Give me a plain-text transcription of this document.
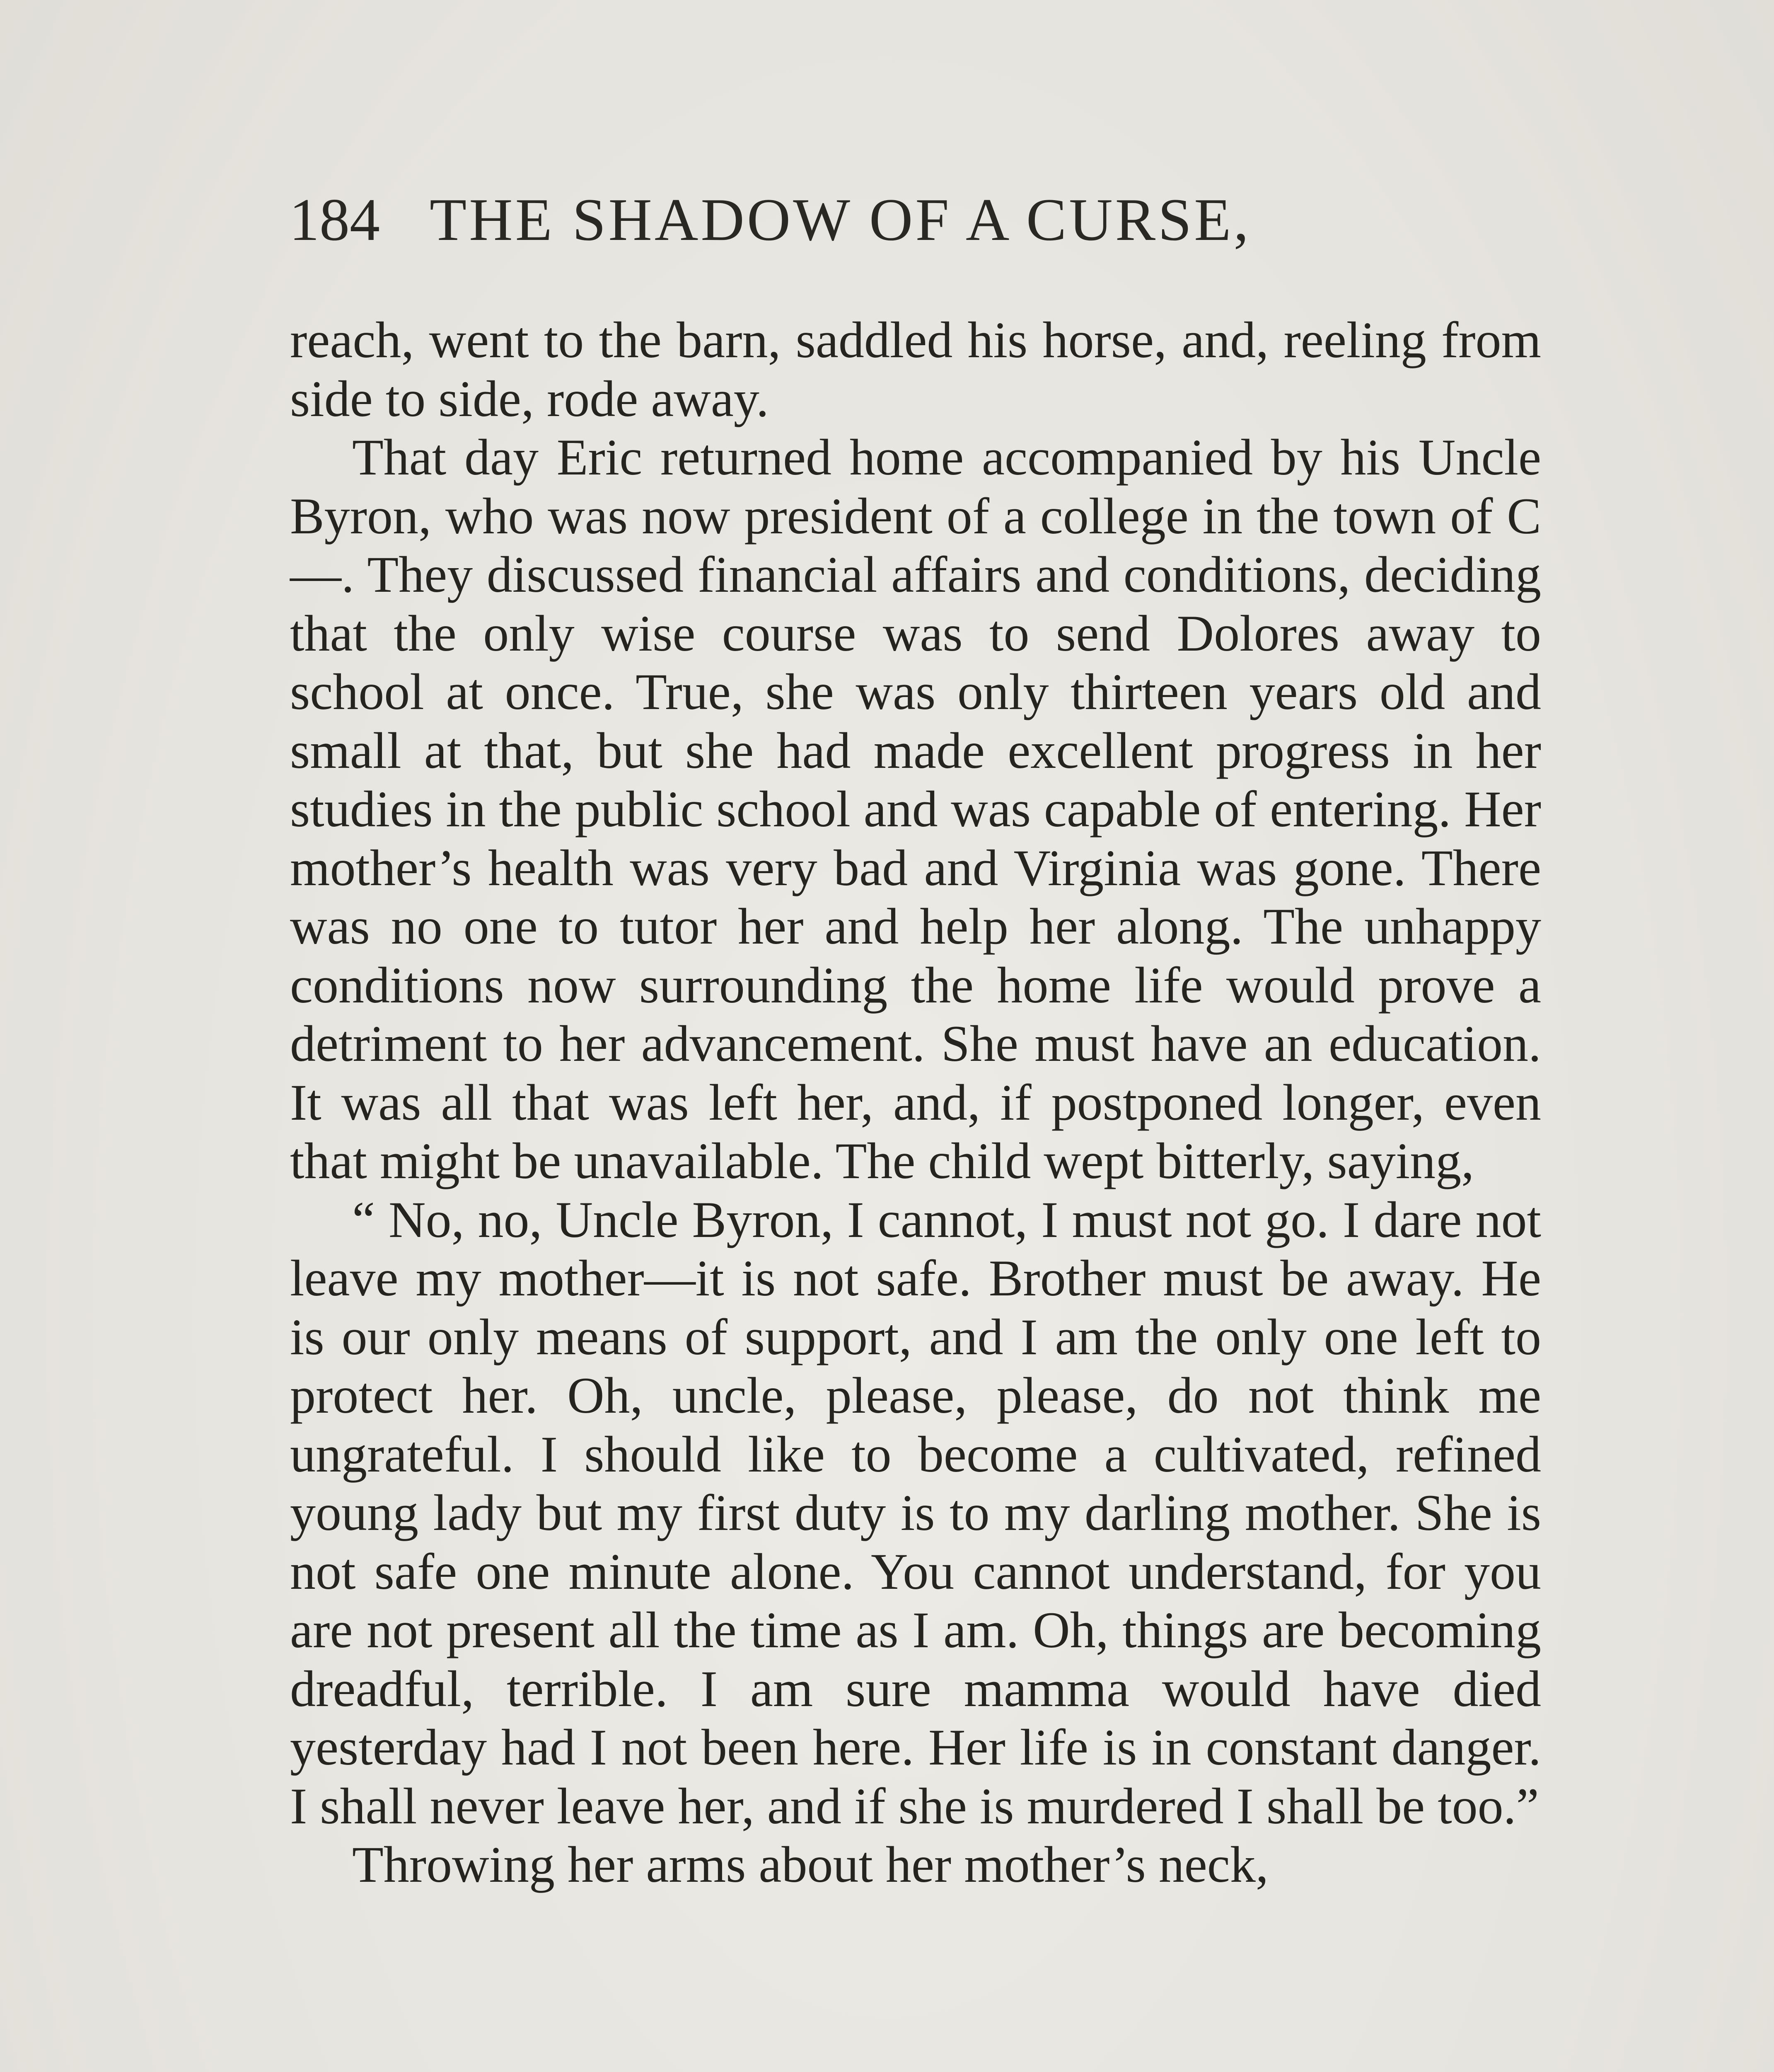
184 THE SHADOW OF A CURSE,

reach, went to the barn, saddled his horse, and, reeling from side to side, rode away.

That day Eric returned home accompanied by his Uncle Byron, who was now president of a college in the town of C—. They discussed financial affairs and conditions, deciding that the only wise course was to send Dolores away to school at once. True, she was only thirteen years old and small at that, but she had made excellent progress in her studies in the public school and was capable of entering. Her mother’s health was very bad and Virginia was gone. There was no one to tutor her and help her along. The unhappy conditions now surrounding the home life would prove a detriment to her advancement. She must have an education. It was all that was left her, and, if postponed longer, even that might be unavailable. The child wept bitterly, saying,

“ No, no, Uncle Byron, I cannot, I must not go. I dare not leave my mother—it is not safe. Brother must be away. He is our only means of support, and I am the only one left to protect her. Oh, uncle, please, please, do not think me ungrateful. I should like to become a cultivated, refined young lady but my first duty is to my darling mother. She is not safe one minute alone. You cannot understand, for you are not present all the time as I am. Oh, things are becoming dreadful, terrible. I am sure mamma would have died yesterday had I not been here. Her life is in constant danger. I shall never leave her, and if she is murdered I shall be too.”

Throwing her arms about her mother’s neck,
